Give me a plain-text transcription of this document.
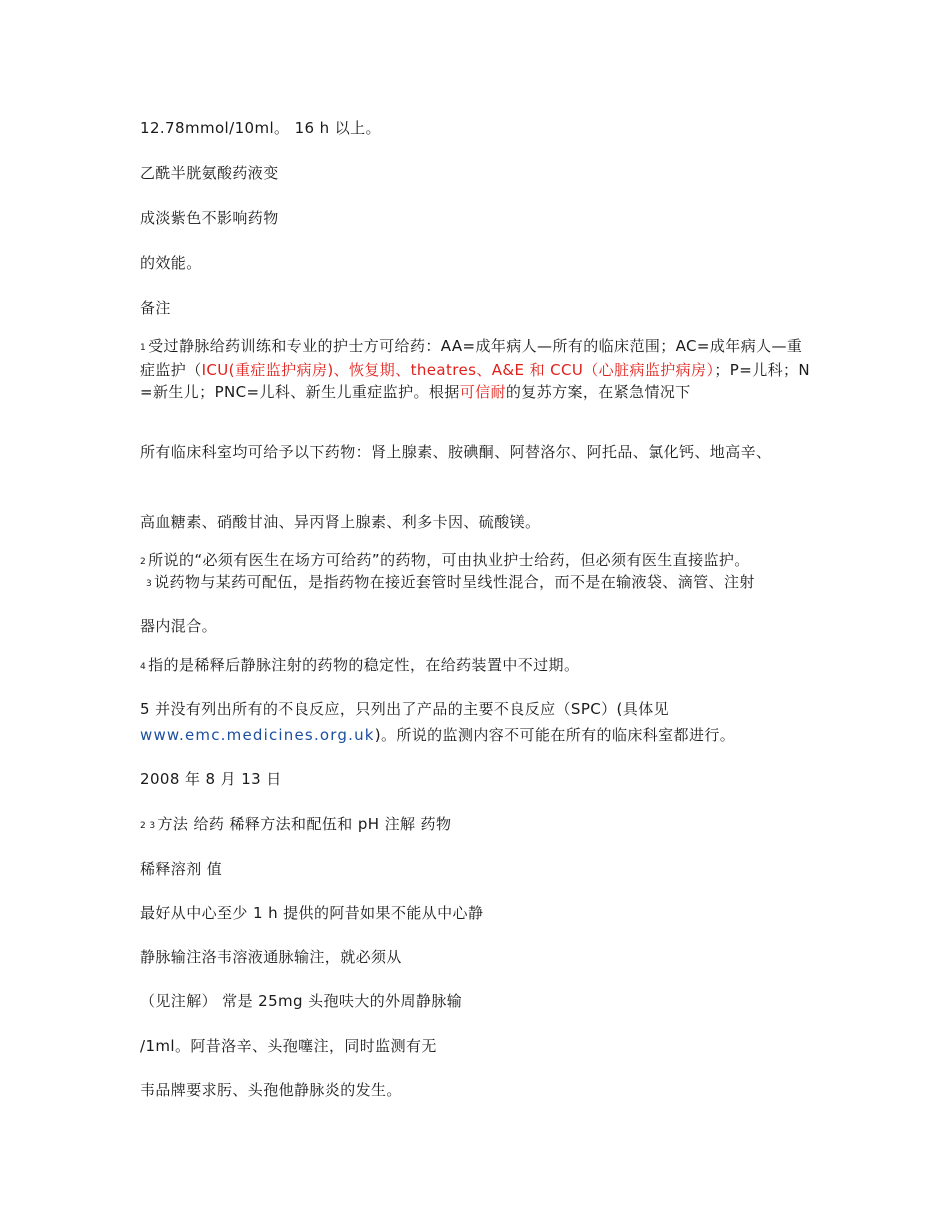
12.78mmol/10ml。 16 h 以上。
乙酰半胱氨酸药液变
成淡紫色不影响药物
的效能。
备注
1 受过静脉给药训练和专业的护士方可给药：AA=成年病人—所有的临床范围；AC=成年病人—重症监护（ICU(重症监护病房)、恢复期、theatres、A&E 和 CCU（心脏病监护病房）；P=儿科；N=新生儿；PNC=儿科、新生儿重症监护。根据可信耐的复苏方案，在紧急情况下
所有临床科室均可给予以下药物：肾上腺素、胺碘酮、阿替洛尔、阿托品、氯化钙、地高辛、
高血糖素、硝酸甘油、异丙肾上腺素、利多卡因、硫酸镁。
2 所说的“必须有医生在场方可给药”的药物，可由执业护士给药，但必须有医生直接监护。
3 说药物与某药可配伍，是指药物在接近套管时呈线性混合，而不是在输液袋、滴管、注射
器内混合。
4 指的是稀释后静脉注射的药物的稳定性，在给药装置中不过期。
5 并没有列出所有的不良反应，只列出了产品的主要不良反应（SPC）(具体见
www.emc.medicines.org.uk)。所说的监测内容不可能在所有的临床科室都进行。
2008 年 8 月 13 日
2 3 方法 给药 稀释方法和配伍和 pH 注解 药物
稀释溶剂 值
最好从中心至少 1 h 提供的阿昔如果不能从中心静
静脉输注洛韦溶液通脉输注，就必须从
（见注解） 常是 25mg 头孢呋大的外周静脉输
/1ml。阿昔洛辛、头孢噻注，同时监测有无
韦品牌要求肟、头孢他静脉炎的发生。
